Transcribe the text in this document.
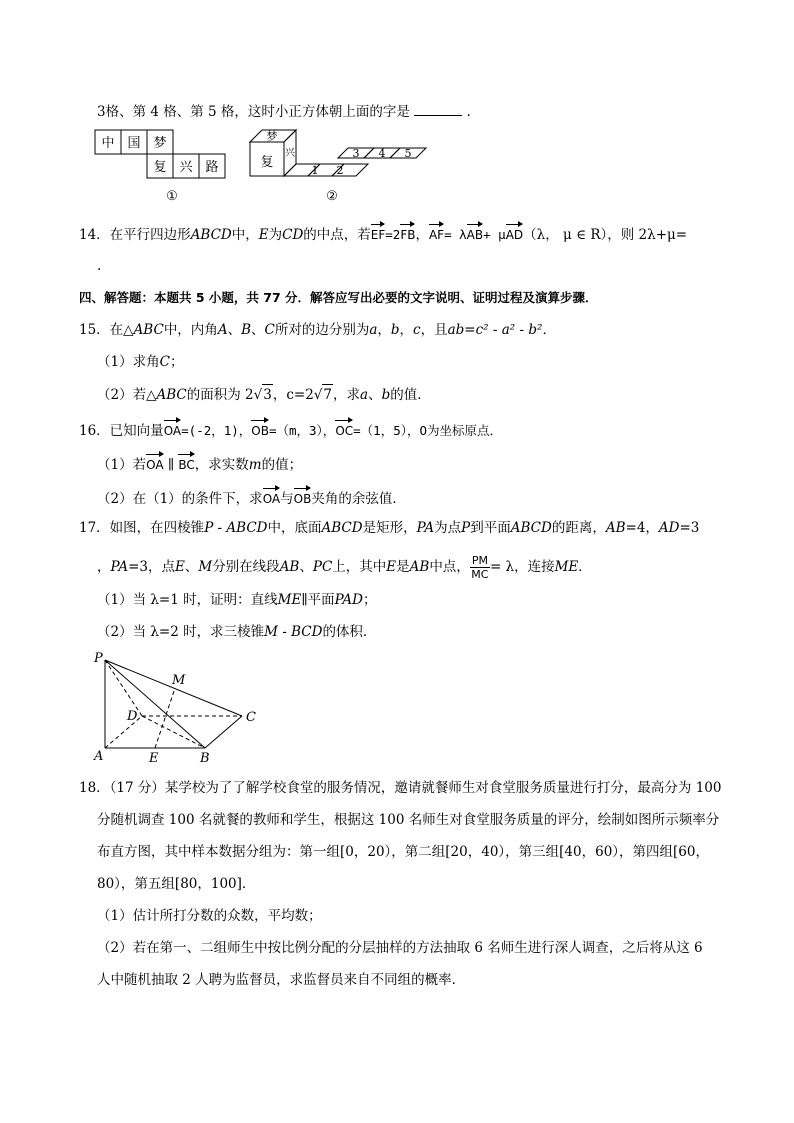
3格、第 4 格、第 5 格，这时小正方体朝上面的字是	.
中 国 梦
复 兴 路
①
梦
复
兴
1 2
3 4 5
②
14．在平行四边形ABCD中，E为CD的中点，若EF=2FB，AF= λAB+ μAD（λ， μ ∈ R），则 2λ+μ=
.
四、解答题：本题共 5 小题，共 77 分．解答应写出必要的文字说明、证明过程及演算步骤．
15．在△ABC中，内角A、B、C所对的边分别为a，b，c，且ab=c² - a² - b²．
（1）求角C；
（2）若△ABC的面积为 2√3，c=2√7，求a、b的值．
16．已知向量OA=(-2，1)，OB=（m，3），OC=（1，5），O为坐标原点．
（1）若OA ∥ BC，求实数m的值；
（2）在（1）的条件下，求OA与OB夹角的余弦值．
17．如图，在四棱锥P - ABCD中，底面ABCD是矩形，PA为点P到平面ABCD的距离，AB=4，AD=3
，PA=3，点E、M分别在线段AB、PC上，其中E是AB中点， $\frac{PM}{MC} = \lambda$，连接ME．
（1）当 λ=1 时，证明：直线ME∥平面PAD；
（2）当 λ=2 时，求三棱锥M - BCD的体积．
P
M
D	C
A	E	B
18．（17 分）某学校为了了解学校食堂的服务情况，邀请就餐师生对食堂服务质量进行打分，最高分为 100
分随机调查 100 名就餐的教师和学生，根据这 100 名师生对食堂服务质量的评分，绘制如图所示频率分
布直方图，其中样本数据分组为：第一组[0，20），第二组[20，40），第三组[40，60），第四组[60，
80），第五组[80，100]．
（1）估计所打分数的众数，平均数；
（2）若在第一、二组师生中按比例分配的分层抽样的方法抽取 6 名师生进行深人调查，之后将从这 6
人中随机抽取 2 人聘为监督员，求监督员来自不同组的概率．
